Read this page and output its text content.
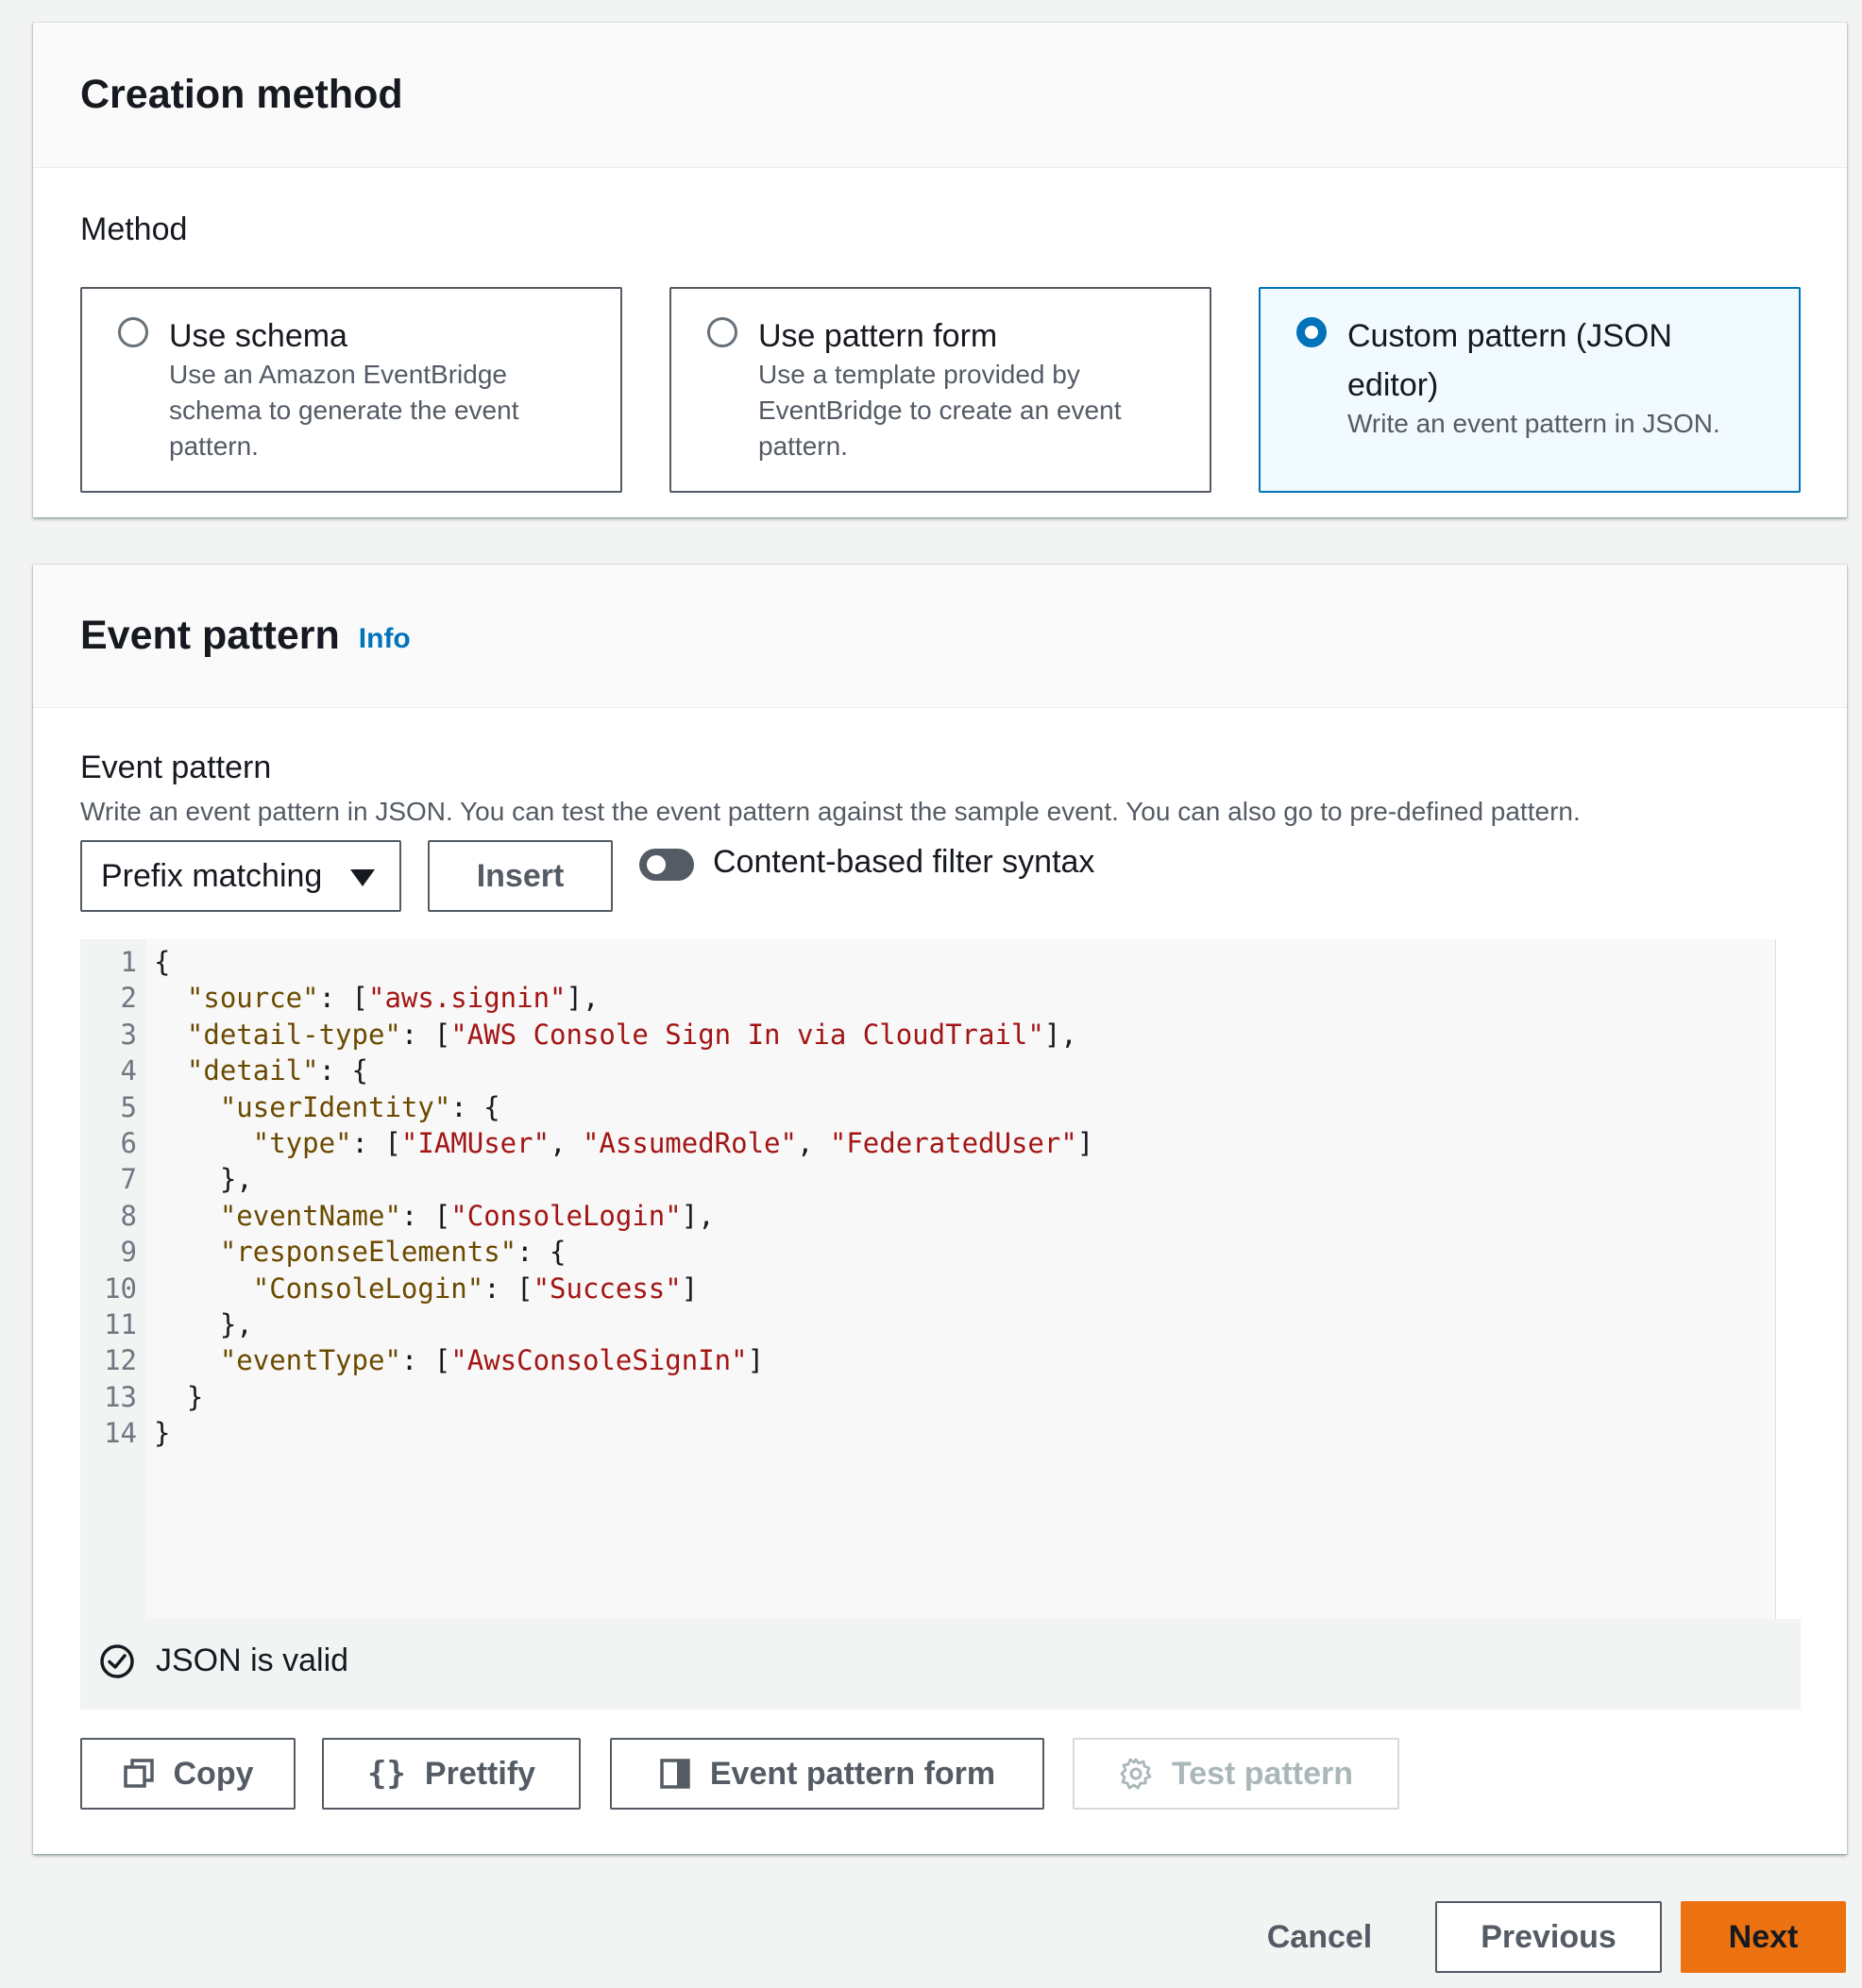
Creation method
Method
Use schema
Use an Amazon EventBridge
schema to generate the event
pattern.
Use pattern form
Use a template provided by
EventBridge to create an event
pattern.
Custom pattern (JSON
editor)
Write an event pattern in JSON.
Event pattern Info
Event pattern
Write an event pattern in JSON. You can test the event pattern against the sample event. You can also go to pre-defined pattern.
Prefix matching	Insert	Content-based filter syntax
1 {
2	"source": ["aws.signin"],
3	"detail-type": ["AWS Console Sign In via CloudTrail"],
4	"detail": {
5	"userIdentity": {
6	"type": ["IAMUser", "AssumedRole", "FederatedUser"]
7 },
8	"eventName": ["ConsoleLogin"],
9	"responseElements": {
10	"ConsoleLogin": ["Success"]
11 },
12	"eventType": ["AwsConsoleSignIn"]
13 }
14 }
JSON is valid
Copy	{} Prettify	Event pattern form	Test pattern
Cancel	Previous	Next
